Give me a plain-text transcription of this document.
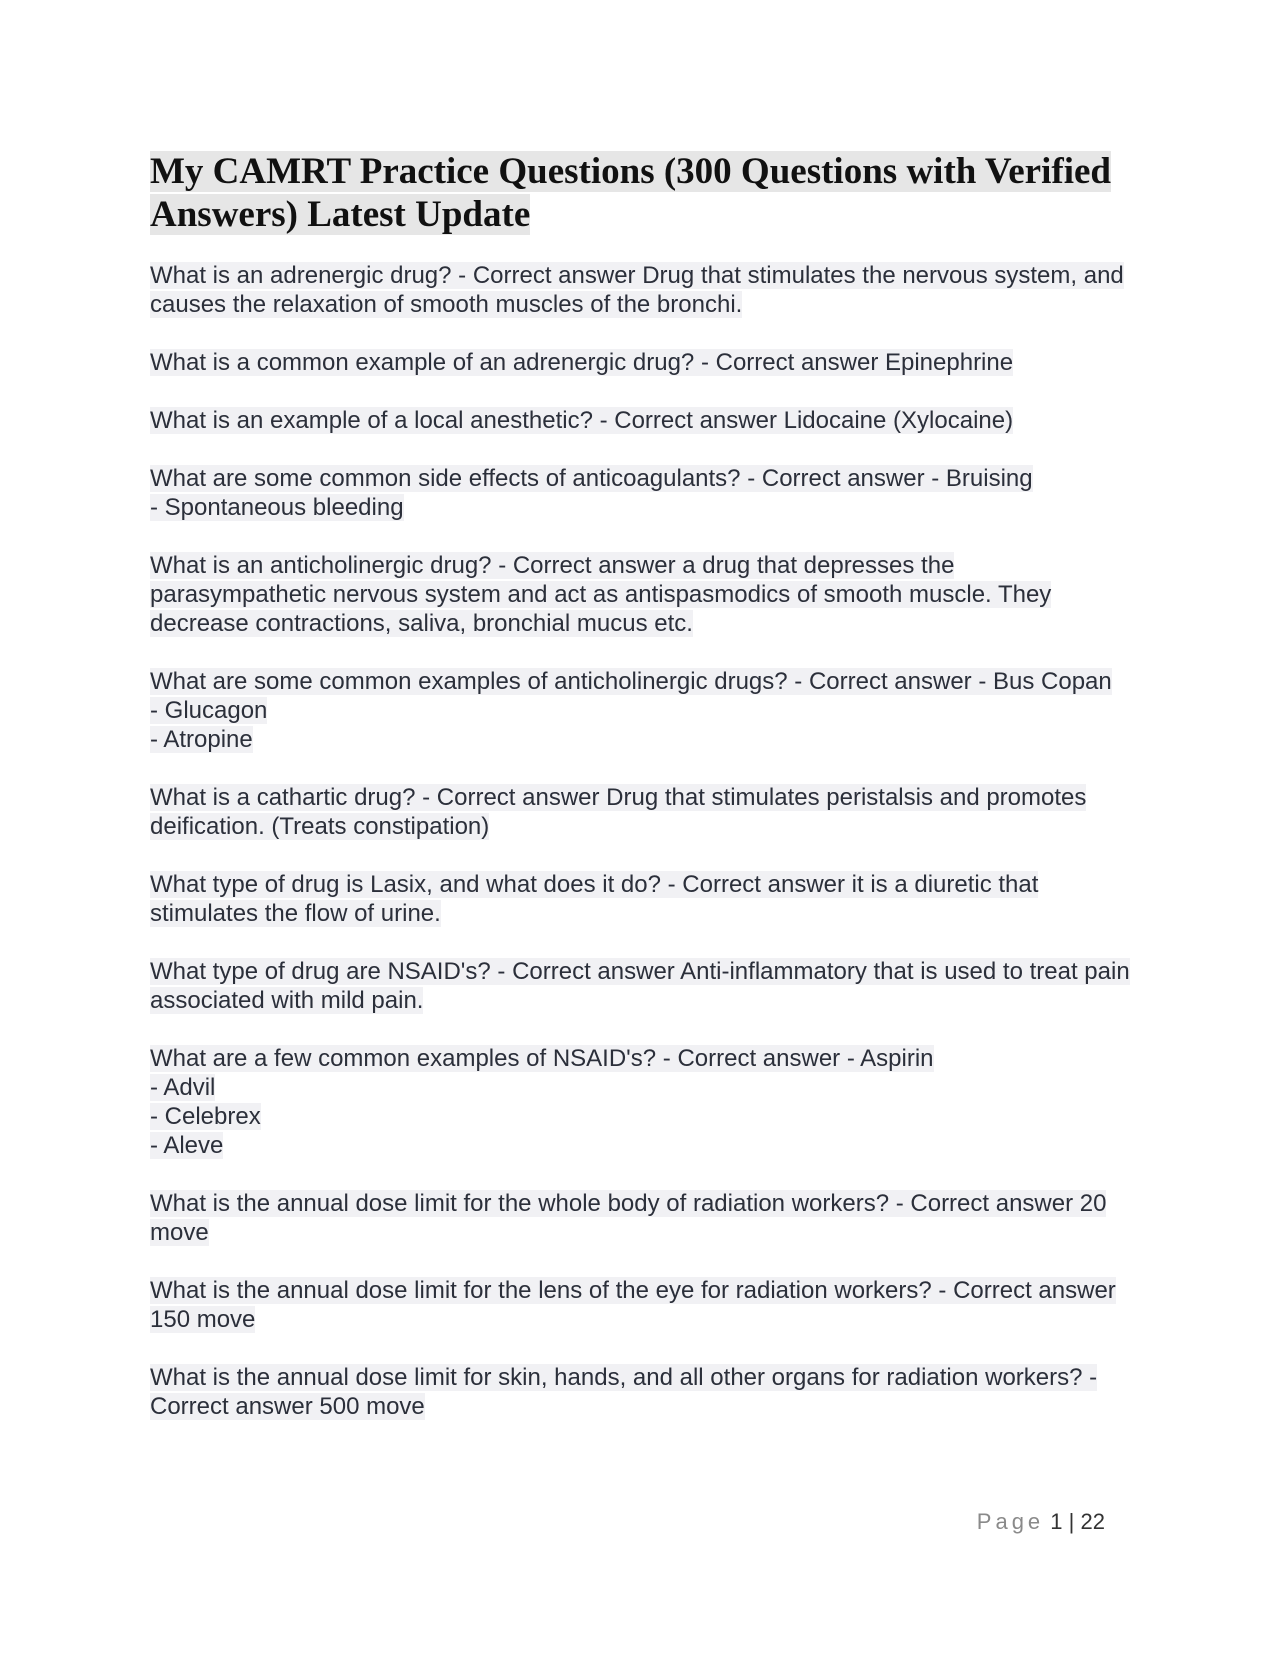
My CAMRT Practice Questions (300 Questions with Verified Answers) Latest Update

What is an adrenergic drug? - Correct answer Drug that stimulates the nervous system, and causes the relaxation of smooth muscles of the bronchi.

What is a common example of an adrenergic drug? - Correct answer Epinephrine

What is an example of a local anesthetic? - Correct answer Lidocaine (Xylocaine)

What are some common side effects of anticoagulants? - Correct answer - Bruising
- Spontaneous bleeding

What is an anticholinergic drug? - Correct answer a drug that depresses the parasympathetic nervous system and act as antispasmodics of smooth muscle. They decrease contractions, saliva, bronchial mucus etc.

What are some common examples of anticholinergic drugs? - Correct answer - Bus Copan
- Glucagon
- Atropine

What is a cathartic drug? - Correct answer Drug that stimulates peristalsis and promotes deification. (Treats constipation)

What type of drug is Lasix, and what does it do? - Correct answer it is a diuretic that stimulates the flow of urine.

What type of drug are NSAID's? - Correct answer Anti-inflammatory that is used to treat pain associated with mild pain.

What are a few common examples of NSAID's? - Correct answer - Aspirin
- Advil
- Celebrex
- Aleve

What is the annual dose limit for the whole body of radiation workers? - Correct answer 20 move

What is the annual dose limit for the lens of the eye for radiation workers? - Correct answer 150 move

What is the annual dose limit for skin, hands, and all other organs for radiation workers? - Correct answer 500 move

Page 1 | 22
